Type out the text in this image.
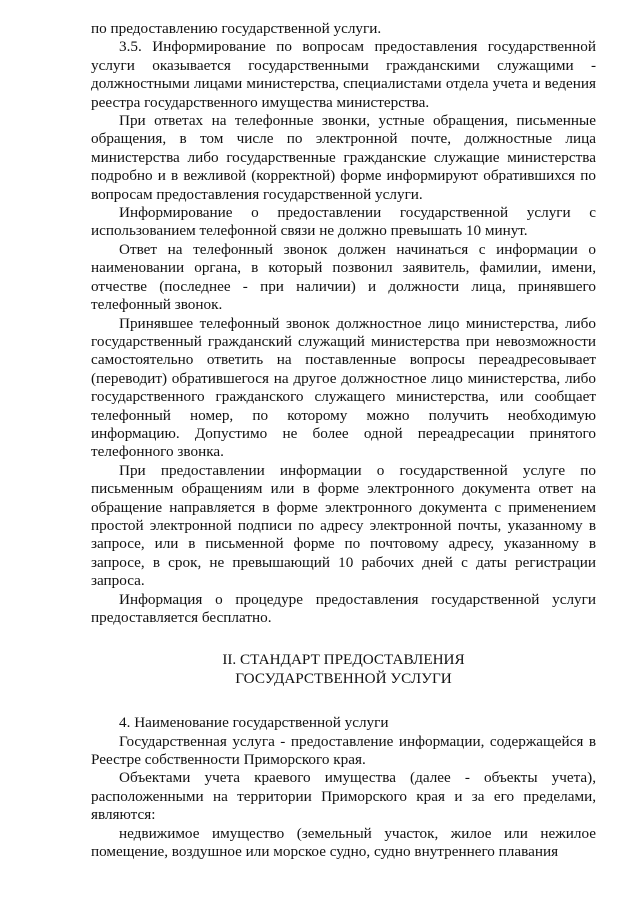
по предоставлению государственной услуги.

3.5. Информирование по вопросам предоставления государственной услуги оказывается государственными гражданскими служащими - должностными лицами министерства, специалистами отдела учета и ведения реестра государственного имущества министерства.

При ответах на телефонные звонки, устные обращения, письменные обращения, в том числе по электронной почте, должностные лица министерства либо государственные гражданские служащие министерства подробно и в вежливой (корректной) форме информируют обратившихся по вопросам предоставления государственной услуги.

Информирование о предоставлении государственной услуги с использованием телефонной связи не должно превышать 10 минут.

Ответ на телефонный звонок должен начинаться с информации о наименовании органа, в который позвонил заявитель, фамилии, имени, отчестве (последнее - при наличии) и должности лица, принявшего телефонный звонок.

Принявшее телефонный звонок должностное лицо министерства, либо государственный гражданский служащий министерства при невозможности самостоятельно ответить на поставленные вопросы переадресовывает (переводит) обратившегося на другое должностное лицо министерства, либо государственного гражданского служащего министерства, или сообщает телефонный номер, по которому можно получить необходимую информацию. Допустимо не более одной переадресации принятого телефонного звонка.

При предоставлении информации о государственной услуге по письменным обращениям или в форме электронного документа ответ на обращение направляется в форме электронного документа с применением простой электронной подписи по адресу электронной почты, указанному в запросе, или в письменной форме по почтовому адресу, указанному в запросе, в срок, не превышающий 10 рабочих дней с даты регистрации запроса.

Информация о процедуре предоставления государственной услуги предоставляется бесплатно.

II. СТАНДАРТ ПРЕДОСТАВЛЕНИЯ
ГОСУДАРСТВЕННОЙ УСЛУГИ

4. Наименование государственной услуги

Государственная услуга - предоставление информации, содержащейся в Реестре собственности Приморского края.

Объектами учета краевого имущества (далее - объекты учета), расположенными на территории Приморского края и за его пределами, являются:

недвижимое имущество (земельный участок, жилое или нежилое помещение, воздушное или морское судно, судно внутреннего плавания
